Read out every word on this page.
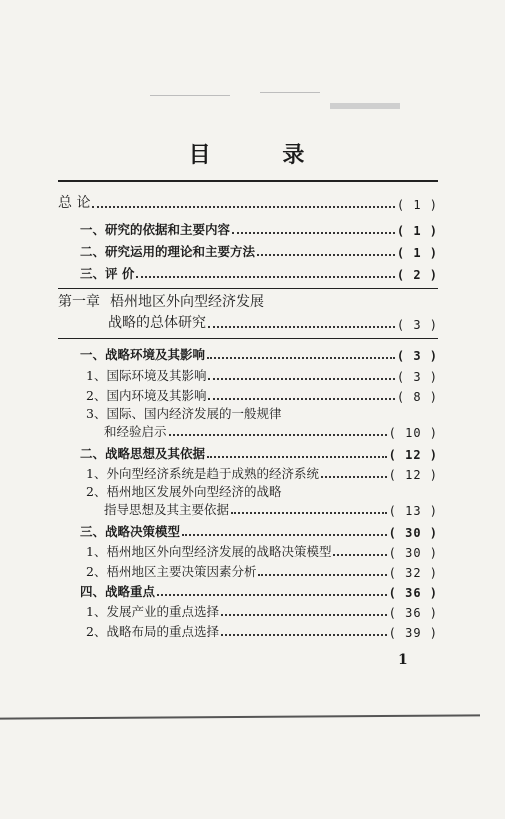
目 录
总 论	( 1 )
一、 研究的依据和主要内容	( 1 )
二、 研究运用的理论和主要方法	( 1 )
三、 评 价	( 2 )
第一章 梧州地区外向型经济发展
战略的总体研究	( 3 )
一、 战略环境及其影响	( 3 )
1、 国际环境及其影响	( 3 )
2、 国内环境及其影响	( 8 )
3、国际、国内经济发展的一般规律
和经验启示	( 10 )
二、 战略思想及其依据	( 12 )
1、 外向型经济系统是趋于成熟的经济系统	( 12 )
2、梧州地区发展外向型经济的战略
指导思想及其主要依据	( 13 )
三、 战略决策模型	( 30 )
1、 梧州地区外向型经济发展的战略决策模型	( 30 )
2、 梧州地区主要决策因素分析	( 32 )
四、 战略重点	( 36 )
1、 发展产业的重点选择	( 36 )
2、 战略布局的重点选择	( 39 )
1
